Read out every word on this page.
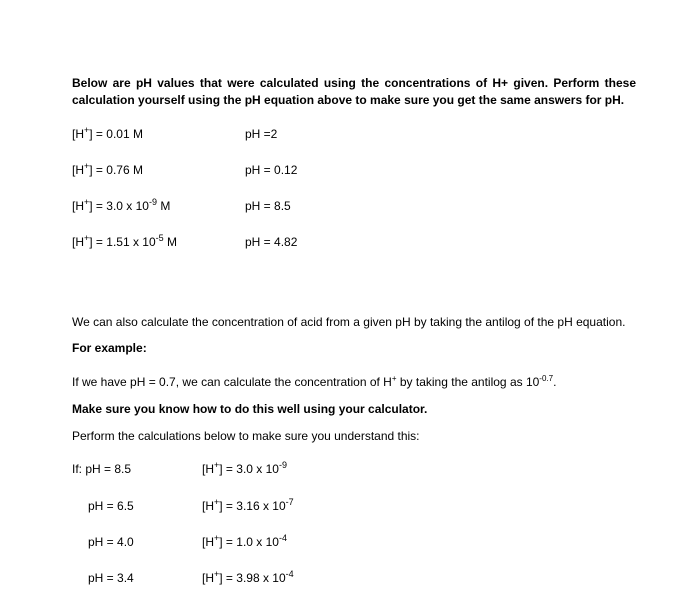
Below are pH values that were calculated using the concentrations of H+ given. Perform these calculation yourself using the pH equation above to make sure you get the same answers for pH.
[H+] = 0.01 M	pH =2
[H+] = 0.76 M	pH = 0.12
[H+] = 3.0 x $10^{-9}$ M	pH = 8.5
[H+] = 1.51 x $10^{-5}$ M	pH = 4.82
We can also calculate the concentration of acid from a given pH by taking the antilog of the pH equation.
For example:
If we have pH = 0.7, we can calculate the concentration of H+ by taking the antilog as $10^{-0.7}$.
Make sure you know how to do this well using your calculator.
Perform the calculations below to make sure you understand this:
If: pH = 8.5	[H+] = 3.0 x $10^{-9}$
pH = 6.5	[H+] = 3.16 x $10^{-7}$
pH = 4.0	[H+] = 1.0 x $10^{-4}$
pH = 3.4	[H+] = 3.98 x $10^{-4}$
